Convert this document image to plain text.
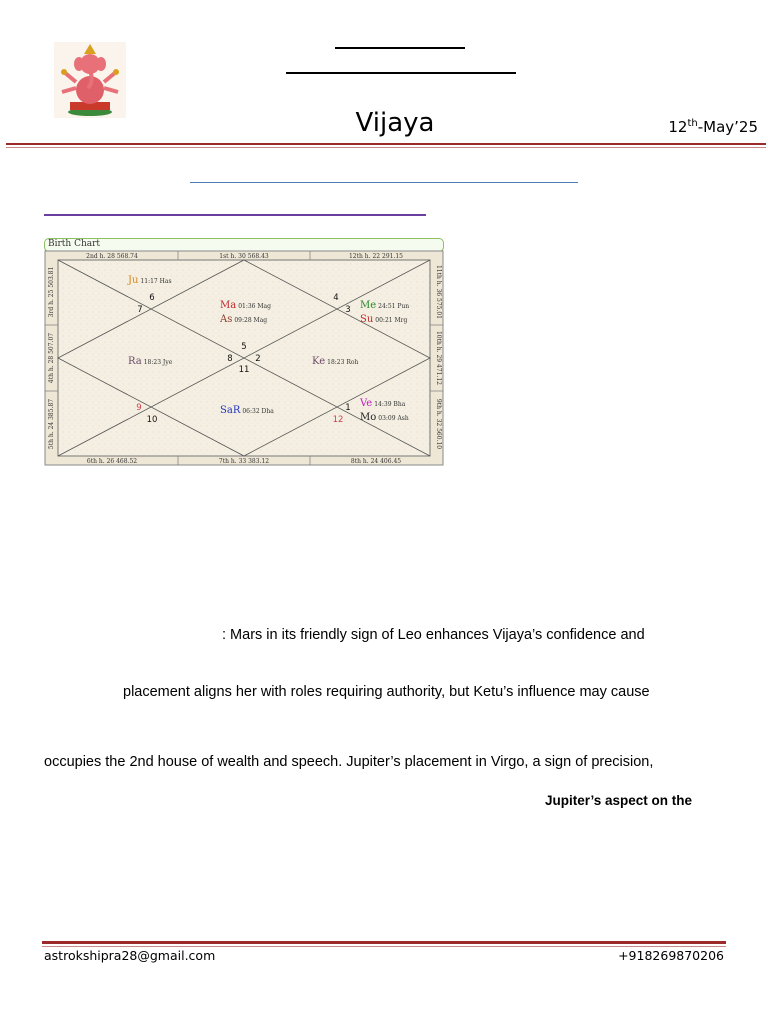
Vijaya	12th-May’25
Birth Chart
2nd h. 28 568.74	1st h. 30 568.43	12th h. 22 291.15
6th h. 26 468.52	7th h. 33 383.12	8th h. 24 406.45
3rd h. 25 503.81
4th h. 28 507.07
5th h. 24 385.87
11th h. 36 575.01
10th h. 29 471.12
9th h. 32 560.10
6
7
5
8	2
11
4
3
1
12
9
10
Ju 11:17 Has
Ma 01:36 Mag
As 09:28 Mag
Me 24:51 Pun
Su 00:21 Mrg
Ra 18:23 Jye	Ke 18:23 Roh
SaR 06:32 Dha
Ve 14:39 Bha
Mo 03:09 Ash
: Mars in its friendly sign of Leo enhances Vijaya’s confidence and
placement aligns her with roles requiring authority, but Ketu’s influence may cause
occupies the 2nd house of wealth and speech. Jupiter’s placement in Virgo, a sign of precision,
Jupiter’s aspect on the
astrokshipra28@gmail.com	+918269870206
